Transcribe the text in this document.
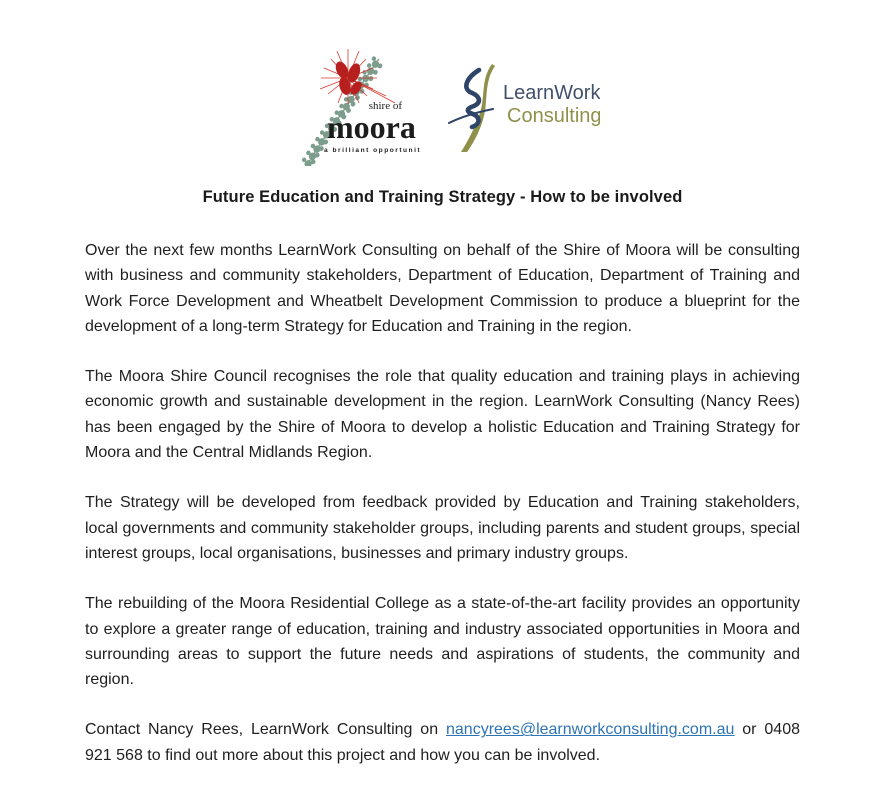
shire of
moora
a brilliant opportunity
LearnWork
Consulting
Future Education and Training Strategy - How to be involved

Over the next few months LearnWork Consulting on behalf of the Shire of Moora will be consulting with business and community stakeholders, Department of Education, Department of Training and Work Force Development and Wheatbelt Development Commission to produce a blueprint for the development of a long-term Strategy for Education and Training in the region.

The Moora Shire Council recognises the role that quality education and training plays in achieving economic growth and sustainable development in the region. LearnWork Consulting (Nancy Rees) has been engaged by the Shire of Moora to develop a holistic Education and Training Strategy for Moora and the Central Midlands Region.

The Strategy will be developed from feedback provided by Education and Training stakeholders, local governments and community stakeholder groups, including parents and student groups, special interest groups, local organisations, businesses and primary industry groups.

The rebuilding of the Moora Residential College as a state-of-the-art facility provides an opportunity to explore a greater range of education, training and industry associated opportunities in Moora and surrounding areas to support the future needs and aspirations of students, the community and region.

Contact Nancy Rees, LearnWork Consulting on nancyrees@learnworkconsulting.com.au or 0408 921 568 to find out more about this project and how you can be involved.
